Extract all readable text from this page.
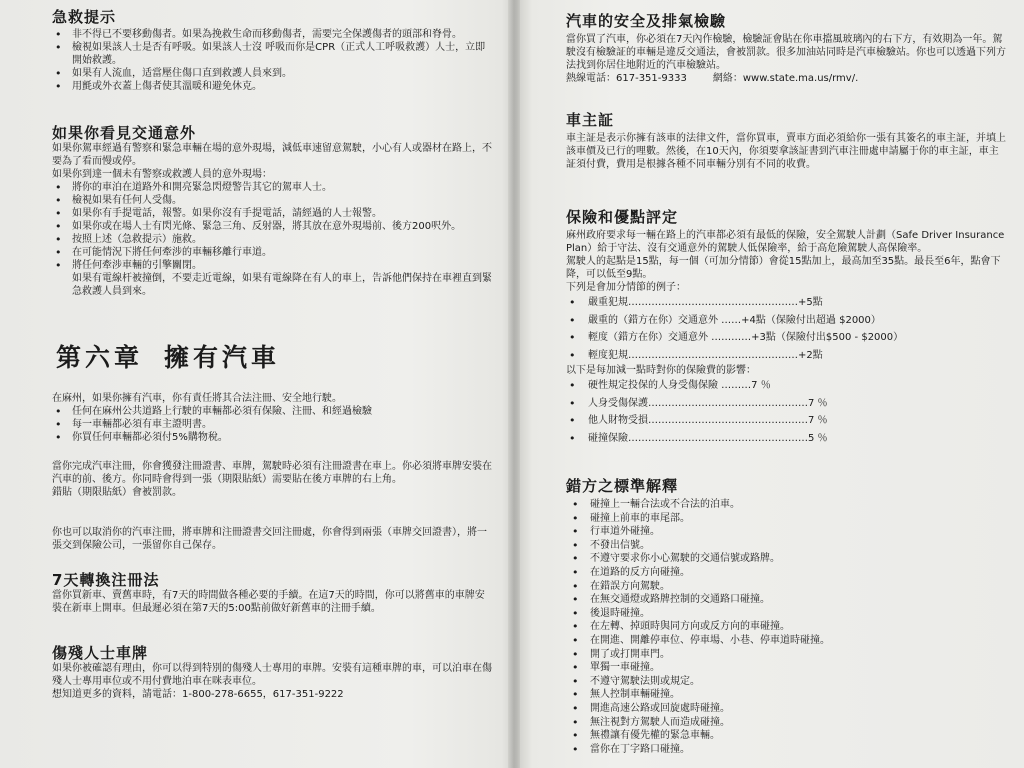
急救提示
• 非不得已不要移動傷者。如果為挽救生命而移動傷者，需要完全保護傷者的頭部和脊骨。
• 檢視如果該人士是否有呼吸。如果該人士沒 呼吸而你是CPR（正式人工呼吸救護）人士，立即開始救護。
• 如果有人流血，适當壓住傷口直到救護人員來到。
• 用氈或外衣蓋上傷者使其溫暖和避免休克。
如果你看見交通意外

如果你駕車經過有警察和緊急車輛在場的意外現場，減低車速留意駕駛，小心有人或器材在路上，不要為了看而慢或停。

如果你到達一個未有警察或救護人員的意外現場：

• 將你的車泊在道路外和開亮緊急閃燈警告其它的駕車人士。
• 檢視如果有任何人受傷。
• 如果你有手提電話，報警。如果你沒有手提電話，請經過的人士報警。
• 如果你或在場人士有閃光條、緊急三角、反射器，將其放在意外現場前、後方200呎外。
• 按照上述（急救提示）施救。
• 在可能情況下將任何牽涉的車輛移離行車道。
• 將任何牽涉車輛的引擎關閉。
如果有電線杆被撞倒，不要走近電線，如果有電線降在有人的車上，告訴他們保持在車裡直到緊急救護人員到來。
第六章 擁有汽車

在麻州，如果你擁有汽車，你有責任將其合法注冊、安全地行駛。

• 任何在麻州公共道路上行駛的車輛都必須有保險、注冊、和經過檢驗
• 每一車輛都必須有車主證明書。
• 你買任何車輛都必須付5%購物稅。

當你完成汽車注冊，你會獲發注冊證書、車牌，駕駛時必須有注冊證書在車上。你必須將車牌安裝在汽車的前、後方。你同時會得到一張（期限貼紙）需要貼在後方車牌的右上角。

錯貼（期限貼紙）會被罰款。

你也可以取消你的汽車注冊，將車牌和注冊證書交回注冊處，你會得到兩張（車牌交回證書），將一張交到保險公司，一張留你自己保存。

7天轉換注冊法

當你買新車、賣舊車時，有7天的時間做各種必要的手續。在這7天的時間，你可以將舊車的車牌安裝在新車上開車。但最遲必須在第7天的5:00點前做好新舊車的注冊手續。

傷殘人士車牌

如果你被確認有理由，你可以得到特別的傷殘人士專用的車牌。安裝有這種車牌的車，可以泊車在傷殘人士專用車位或不用付費地泊車在咪表車位。

想知道更多的資料，請電話：1-800-278-6655，617-351-9222

汽車的安全及排氣檢驗

當你買了汽車，你必須在7天內作檢驗，檢驗証會貼在你車擋風玻璃內的右下方，有效期為一年。駕駛沒有檢驗証的車輛是違反交通法，會被罰款。很多加油站同時是汽車檢驗站。你也可以透過下列方法找到你居住地附近的汽車檢驗站。

熱線電話：617-351-9333	網絡：www.state.ma.us/rmv/.
車主証

車主証是表示你擁有該車的法律文件，當你買車，賣車方面必須給你一張有其簽名的車主証，并填上該車價及已行的哩數。然後，在10天內，你須要拿該証書到汽車注冊處申請屬于你的車主証，車主証須付費，費用是根據各種不同車輛分別有不同的收費。

保險和優點評定

麻州政府要求每一輛在路上的汽車都必須有最低的保險，安全駕駛人計劃（Safe Driver Insurance Plan）給于守法、沒有交通意外的駕駛人低保險率，給于高危險駕駛人高保險率。

駕駛人的起點是15點，每一個（可加分情節）會從15點加上，最高加至35點。最長至6年，點會下降，可以低至9點。

下列是會加分情節的例子：

• 嚴重犯規……………………………………………+5點
• 嚴重的（錯方在你）交通意外 ……+4點（保險付出超過 $2000）
• 輕度（錯方在你）交通意外 …………+3點（保險付出$500 - $2000）
• 輕度犯規……………………………………………+2點

以下是每加減一點時對你的保險費的影響：

• 硬性規定投保的人身受傷保險 ………7 ％
• 人身受傷保護…………………………………………7 ％
• 他人財物受損…………………………………………7 ％
• 碰撞保險………………………………………………5 ％
錯方之標準解釋
• 碰撞上一輛合法或不合法的泊車。
• 碰撞上前車的車尾部。
• 行車道外碰撞。
• 不發出信號。
• 不遵守要求你小心駕駛的交通信號或路牌。
• 在道路的反方向碰撞。
• 在錯誤方向駕駛。
• 在無交通燈或路牌控制的交通路口碰撞。
• 後退時碰撞。
• 在左轉、掉頭時與同方向或反方向的車碰撞。
• 在開進、開離停車位、停車場、小巷、停車道時碰撞。
• 開了或打開車門。
• 單獨一車碰撞。
• 不遵守駕駛法則或規定。
• 無人控制車輛碰撞。
• 開進高速公路或回旋處時碰撞。
• 無注視對方駕駛人而造成碰撞。
• 無禮讓有優先權的緊急車輛。
• 當你在丁字路口碰撞。
